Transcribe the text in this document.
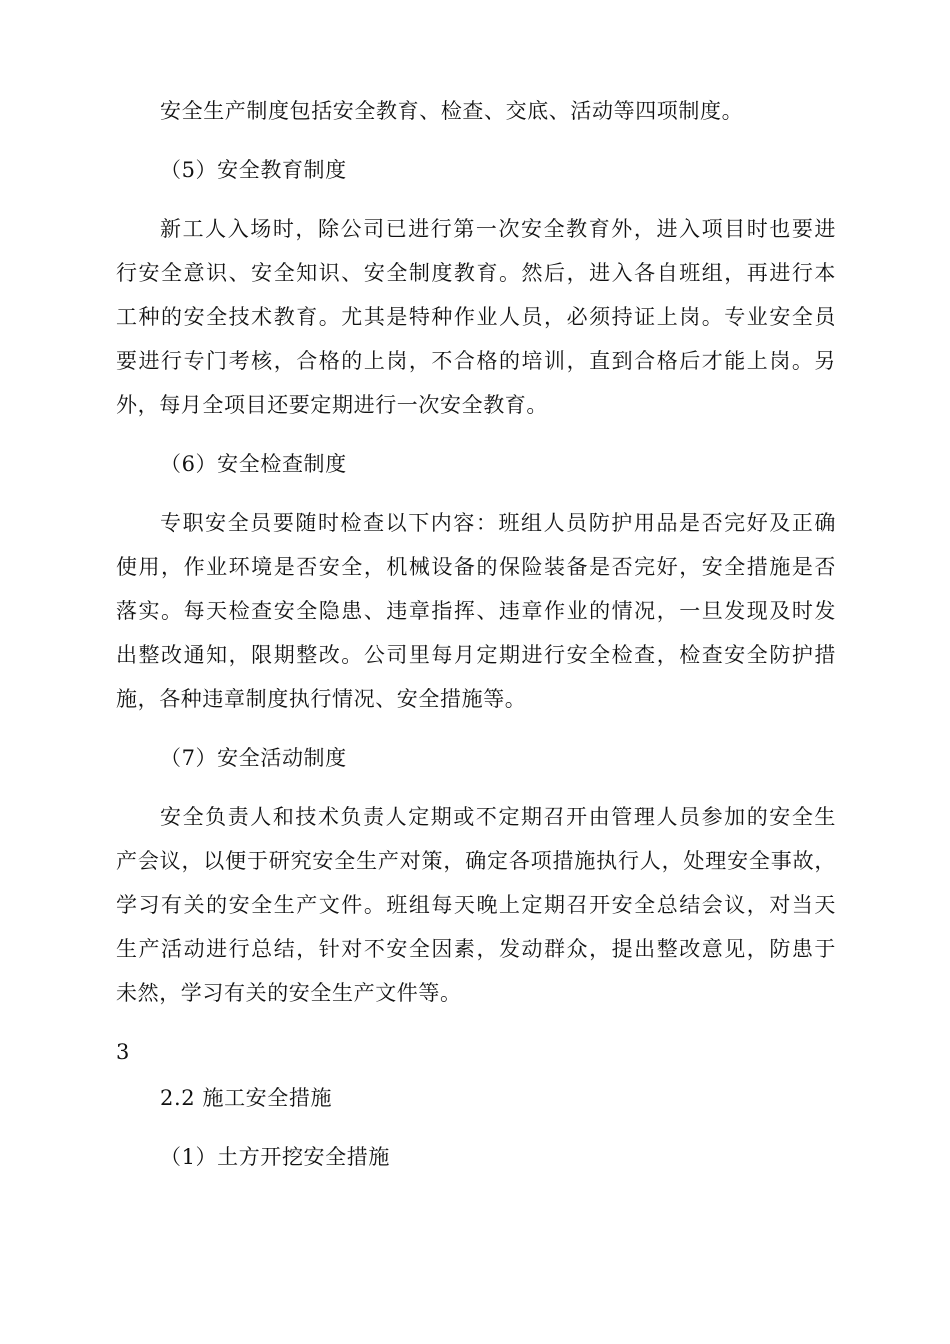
安全生产制度包括安全教育、检查、交底、活动等四项制度。
（5）安全教育制度
新工人入场时，除公司已进行第一次安全教育外，进入项目时也要进
行安全意识、安全知识、安全制度教育。然后，进入各自班组，再进行本
工种的安全技术教育。尤其是特种作业人员，必须持证上岗。专业安全员
要进行专门考核，合格的上岗，不合格的培训，直到合格后才能上岗。另
外，每月全项目还要定期进行一次安全教育。
（6）安全检查制度
专职安全员要随时检查以下内容：班组人员防护用品是否完好及正确
使用，作业环境是否安全，机械设备的保险装备是否完好，安全措施是否
落实。每天检查安全隐患、违章指挥、违章作业的情况，一旦发现及时发
出整改通知，限期整改。公司里每月定期进行安全检查，检查安全防护措
施，各种违章制度执行情况、安全措施等。
（7）安全活动制度
安全负责人和技术负责人定期或不定期召开由管理人员参加的安全生
产会议，以便于研究安全生产对策，确定各项措施执行人，处理安全事故，
学习有关的安全生产文件。班组每天晚上定期召开安全总结会议，对当天
生产活动进行总结，针对不安全因素，发动群众，提出整改意见，防患于
未然，学习有关的安全生产文件等。
3
2.2 施工安全措施
（1）土方开挖安全措施
